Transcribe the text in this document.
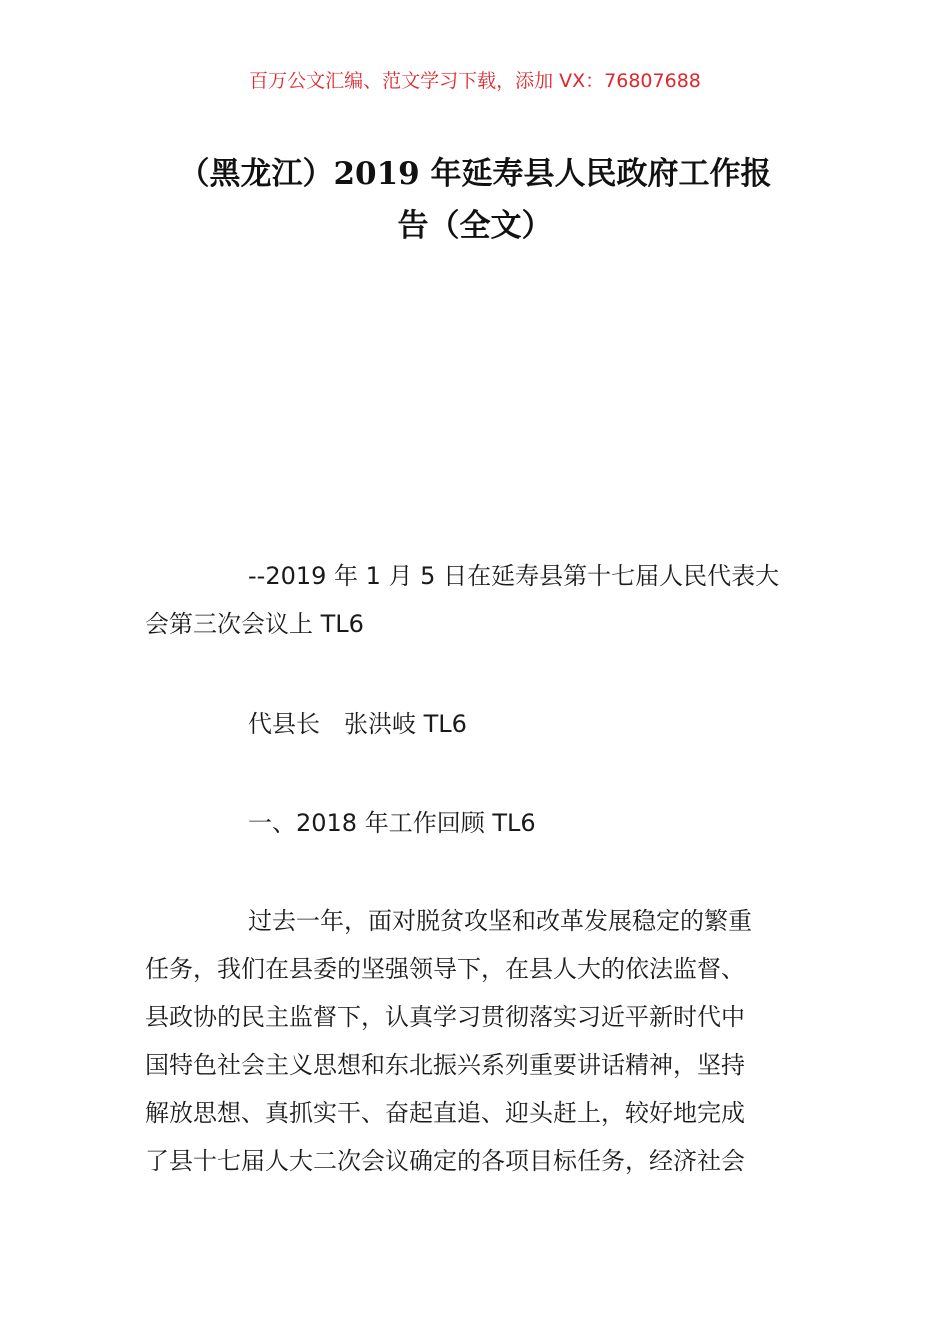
百万公文汇编、范文学习下载，添加 VX：76807688
（黑龙江）2019 年延寿县人民政府工作报
告（全文）
--2019 年 1 月 5 日在延寿县第十七届人民代表大
会第三次会议上 TL6
代县长　张洪岐 TL6
一、2018 年工作回顾 TL6
过去一年，面对脱贫攻坚和改革发展稳定的繁重
任务，我们在县委的坚强领导下，在县人大的依法监督、
县政协的民主监督下，认真学习贯彻落实习近平新时代中
国特色社会主义思想和东北振兴系列重要讲话精神，坚持
解放思想、真抓实干、奋起直追、迎头赶上，较好地完成
了县十七届人大二次会议确定的各项目标任务，经济社会
